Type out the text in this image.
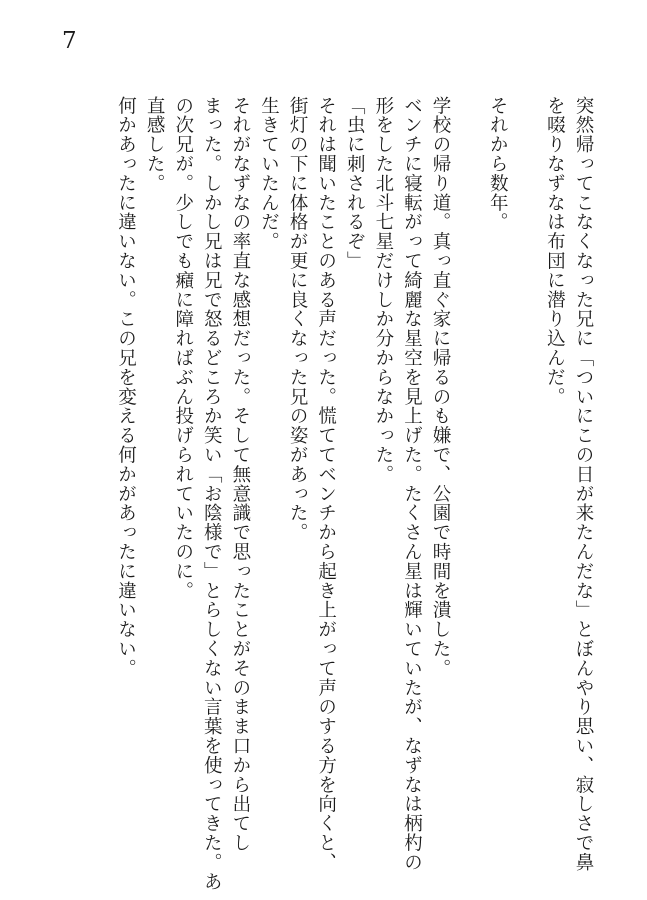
7
突然帰ってこなくなった兄に「ついにこの日が来たんだな」とぼんやり思い、寂しさで鼻
を啜りなずなは布団に潜り込んだ。
それから数年。
学校の帰り道。真っ直ぐ家に帰るのも嫌で、公園で時間を潰した。
ベンチに寝転がって綺麗な星空を見上げた。たくさん星は輝いていたが、なずなは柄杓の
形をした北斗七星だけしか分からなかった。
「虫に刺されるぞ」
それは聞いたことのある声だった。慌ててベンチから起き上がって声のする方を向くと、
街灯の下に体格が更に良くなった兄の姿があった。
生きていたんだ。
それがなずなの率直な感想だった。そして無意識で思ったことがそのまま口から出てし
まった。しかし兄は兄で怒るどころか笑い「お陰様で」とらしくない言葉を使ってきた。あ
の次兄が。少しでも癪に障ればぶん投げられていたのに。
直感した。
何かあったに違いない。この兄を変える何かがあったに違いない。
